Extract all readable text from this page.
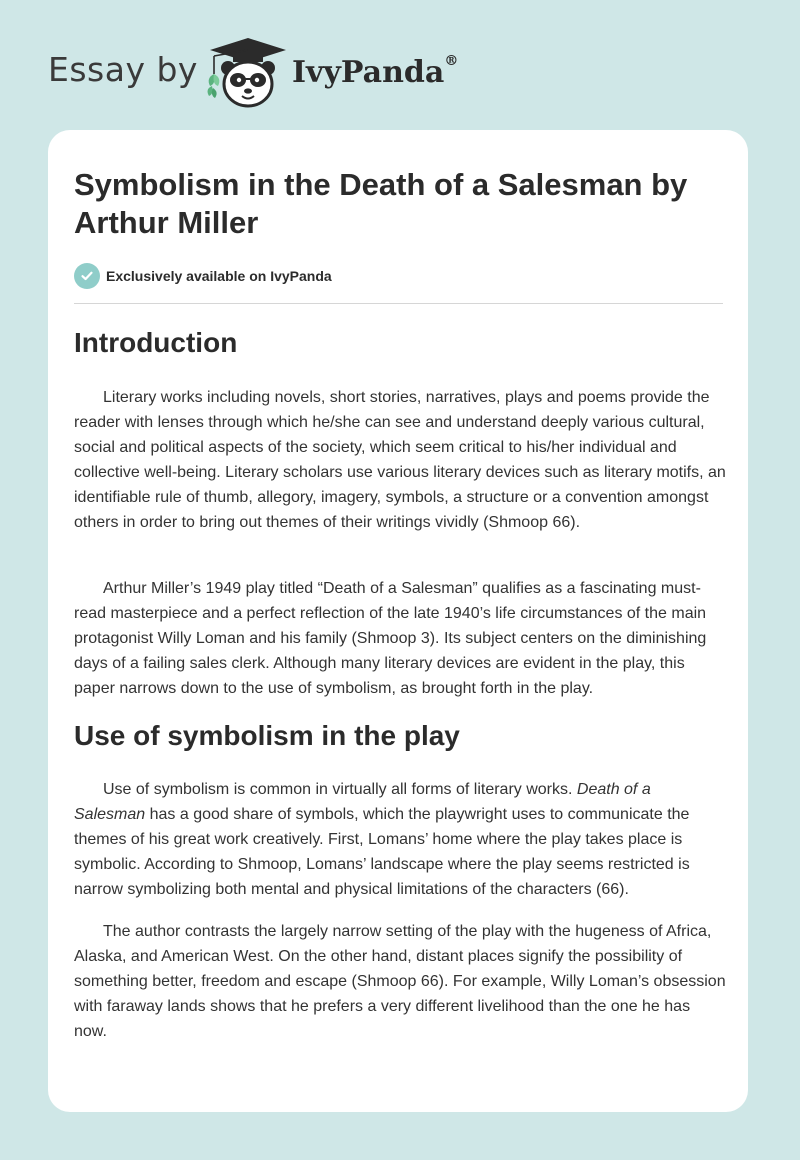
Essay by	IvyPanda®
Symbolism in the Death of a Salesman by Arthur Miller
Exclusively available on IvyPanda
Introduction

Literary works including novels, short stories, narratives, plays and poems provide the reader with lenses through which he/she can see and understand deeply various cultural, social and political aspects of the society, which seem critical to his/her individual and collective well-being. Literary scholars use various literary devices such as literary motifs, an identifiable rule of thumb, allegory, imagery, symbols, a structure or a convention amongst others in order to bring out themes of their writings vividly (Shmoop 66).

Arthur Miller’s 1949 play titled “Death of a Salesman” qualifies as a fascinating must-read masterpiece and a perfect reflection of the late 1940’s life circumstances of the main protagonist Willy Loman and his family (Shmoop 3). Its subject centers on the diminishing days of a failing sales clerk. Although many literary devices are evident in the play, this paper narrows down to the use of symbolism, as brought forth in the play.

Use of symbolism in the play

Use of symbolism is common in virtually all forms of literary works. Death of a Salesman has a good share of symbols, which the playwright uses to communicate the themes of his great work creatively. First, Lomans’ home where the play takes place is symbolic. According to Shmoop, Lomans’ landscape where the play seems restricted is narrow symbolizing both mental and physical limitations of the characters (66).

The author contrasts the largely narrow setting of the play with the hugeness of Africa, Alaska, and American West. On the other hand, distant places signify the possibility of something better, freedom and escape (Shmoop 66). For example, Willy Loman’s obsession with faraway lands shows that he prefers a very different livelihood than the one he has now.
